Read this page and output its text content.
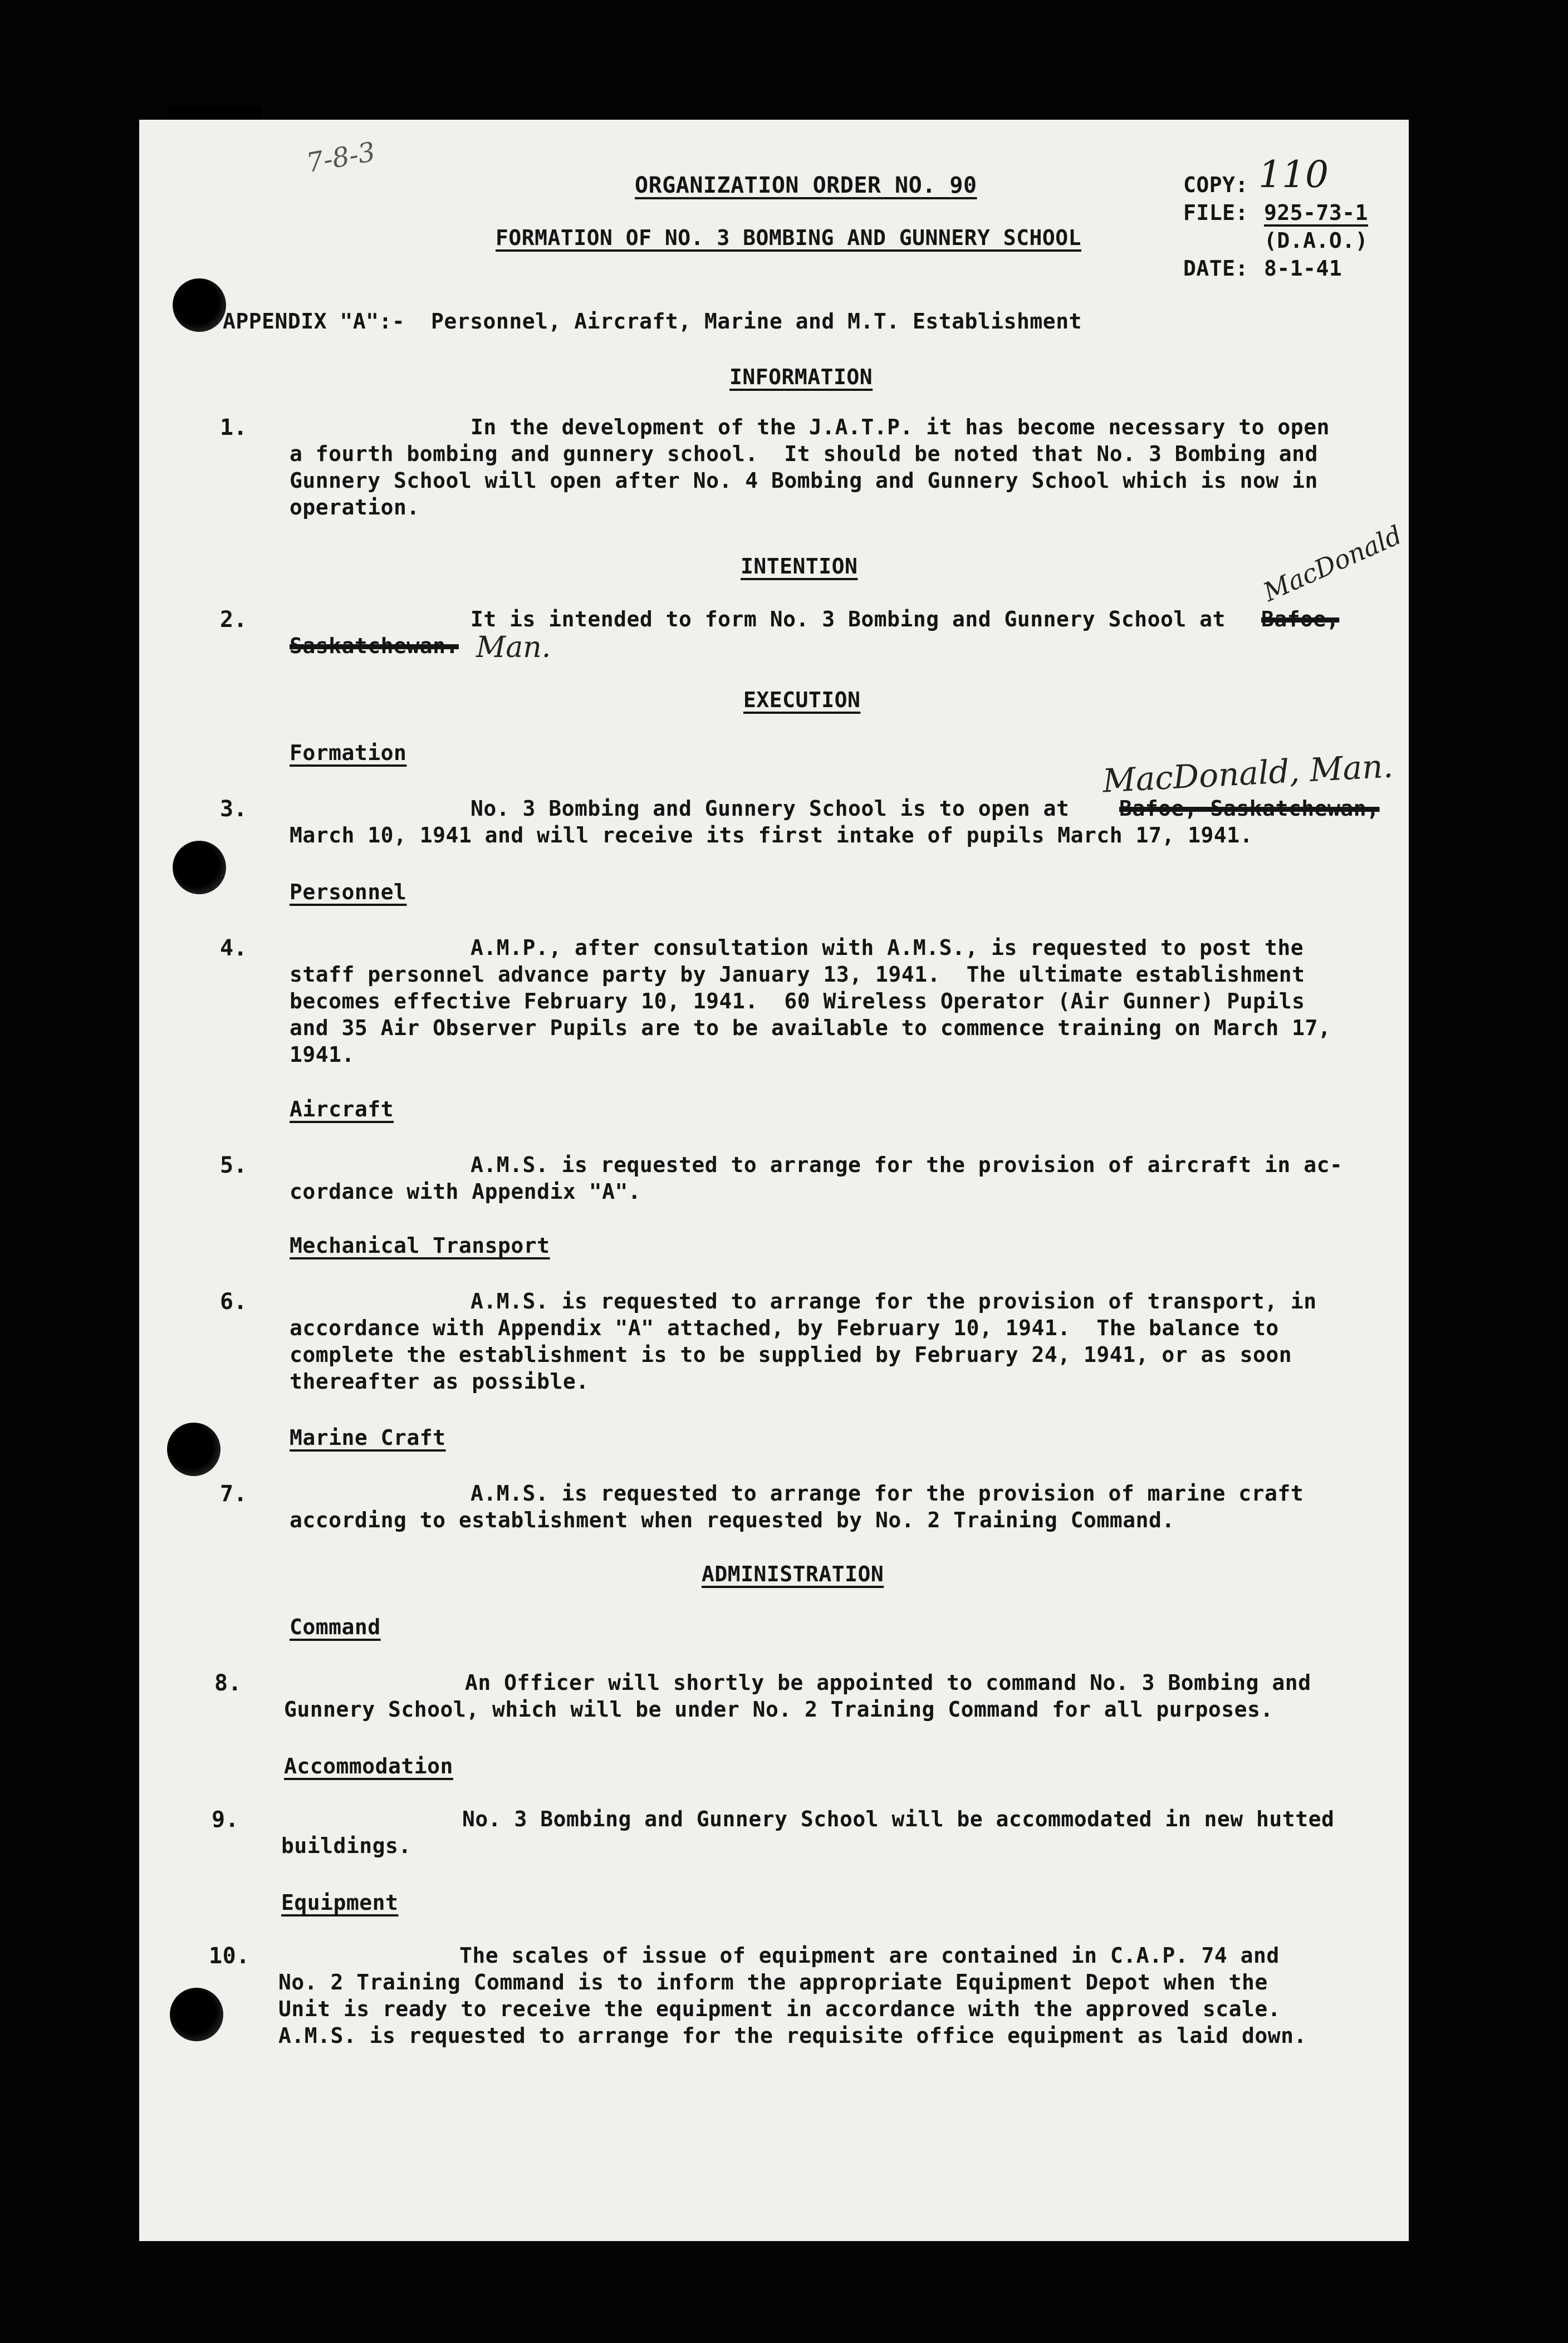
7-8-3
ORGANIZATION ORDER NO. 90
FORMATION OF NO. 3 BOMBING AND GUNNERY SCHOOL
COPY: 110
FILE: 925-73-1
(D.A.O.)
DATE: 8-1-41
APPENDIX "A":-  Personnel, Aircraft, Marine and M.T. Establishment
INFORMATION
1.	In the development of the J.A.T.P. it has become necessary to open
a fourth bombing and gunnery school.  It should be noted that No. 3 Bombing and
Gunnery School will open after No. 4 Bombing and Gunnery School which is now in
operation.
INTENTION
2.	It is intended to form No. 3 Bombing and Gunnery School at Bafoe,
MacDonald
Saskatchewan. Man.
EXECUTION
Formation
3.	No. 3 Bombing and Gunnery School is to open at Bafoe, Saskatchewan,
MacDonald, Man.
March 10, 1941 and will receive its first intake of pupils March 17, 1941.
Personnel
4.	A.M.P., after consultation with A.M.S., is requested to post the
staff personnel advance party by January 13, 1941.  The ultimate establishment
becomes effective February 10, 1941.  60 Wireless Operator (Air Gunner) Pupils
and 35 Air Observer Pupils are to be available to commence training on March 17,
1941.
Aircraft
5.	A.M.S. is requested to arrange for the provision of aircraft in ac-
cordance with Appendix "A".
Mechanical Transport
6.	A.M.S. is requested to arrange for the provision of transport, in
accordance with Appendix "A" attached, by February 10, 1941.  The balance to
complete the establishment is to be supplied by February 24, 1941, or as soon
thereafter as possible.
Marine Craft
7.	A.M.S. is requested to arrange for the provision of marine craft
according to establishment when requested by No. 2 Training Command.
ADMINISTRATION
Command
8.	An Officer will shortly be appointed to command No. 3 Bombing and
Gunnery School, which will be under No. 2 Training Command for all purposes.
Accommodation
9.	No. 3 Bombing and Gunnery School will be accommodated in new hutted
buildings.
Equipment
10.	The scales of issue of equipment are contained in C.A.P. 74 and
No. 2 Training Command is to inform the appropriate Equipment Depot when the
Unit is ready to receive the equipment in accordance with the approved scale.
A.M.S. is requested to arrange for the requisite office equipment as laid down.
